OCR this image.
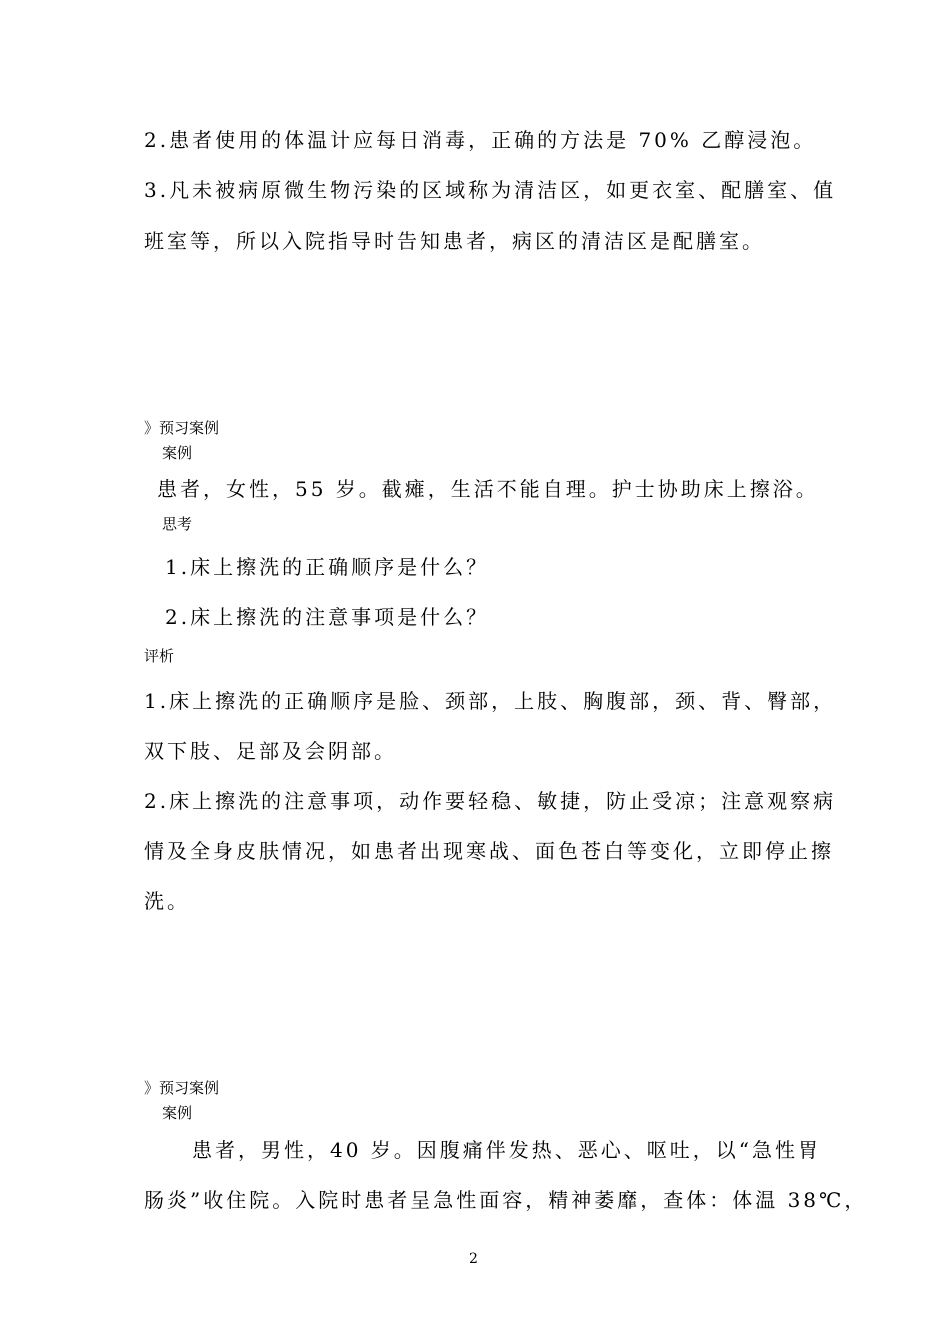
2.患者使用的体温计应每日消毒，正确的方法是 70% 乙醇浸泡。
3.凡未被病原微生物污染的区域称为清洁区，如更衣室、配膳室、值
班室等，所以入院指导时告知患者，病区的清洁区是配膳室。
》预习案例
案例
患者，女性，55 岁。截瘫，生活不能自理。护士协助床上擦浴。
思考
1.床上擦洗的正确顺序是什么？
2.床上擦洗的注意事项是什么？
评析
1.床上擦洗的正确顺序是脸、颈部，上肢、胸腹部，颈、背、臀部，
双下肢、足部及会阴部。
2.床上擦洗的注意事项，动作要轻稳、敏捷，防止受凉；注意观察病
情及全身皮肤情况，如患者出现寒战、面色苍白等变化，立即停止擦
洗。
》预习案例
案例
患者，男性，40 岁。因腹痛伴发热、恶心、呕吐，以“急性胃
肠炎”收住院。入院时患者呈急性面容，精神萎靡，查体：体温 38℃，
2
